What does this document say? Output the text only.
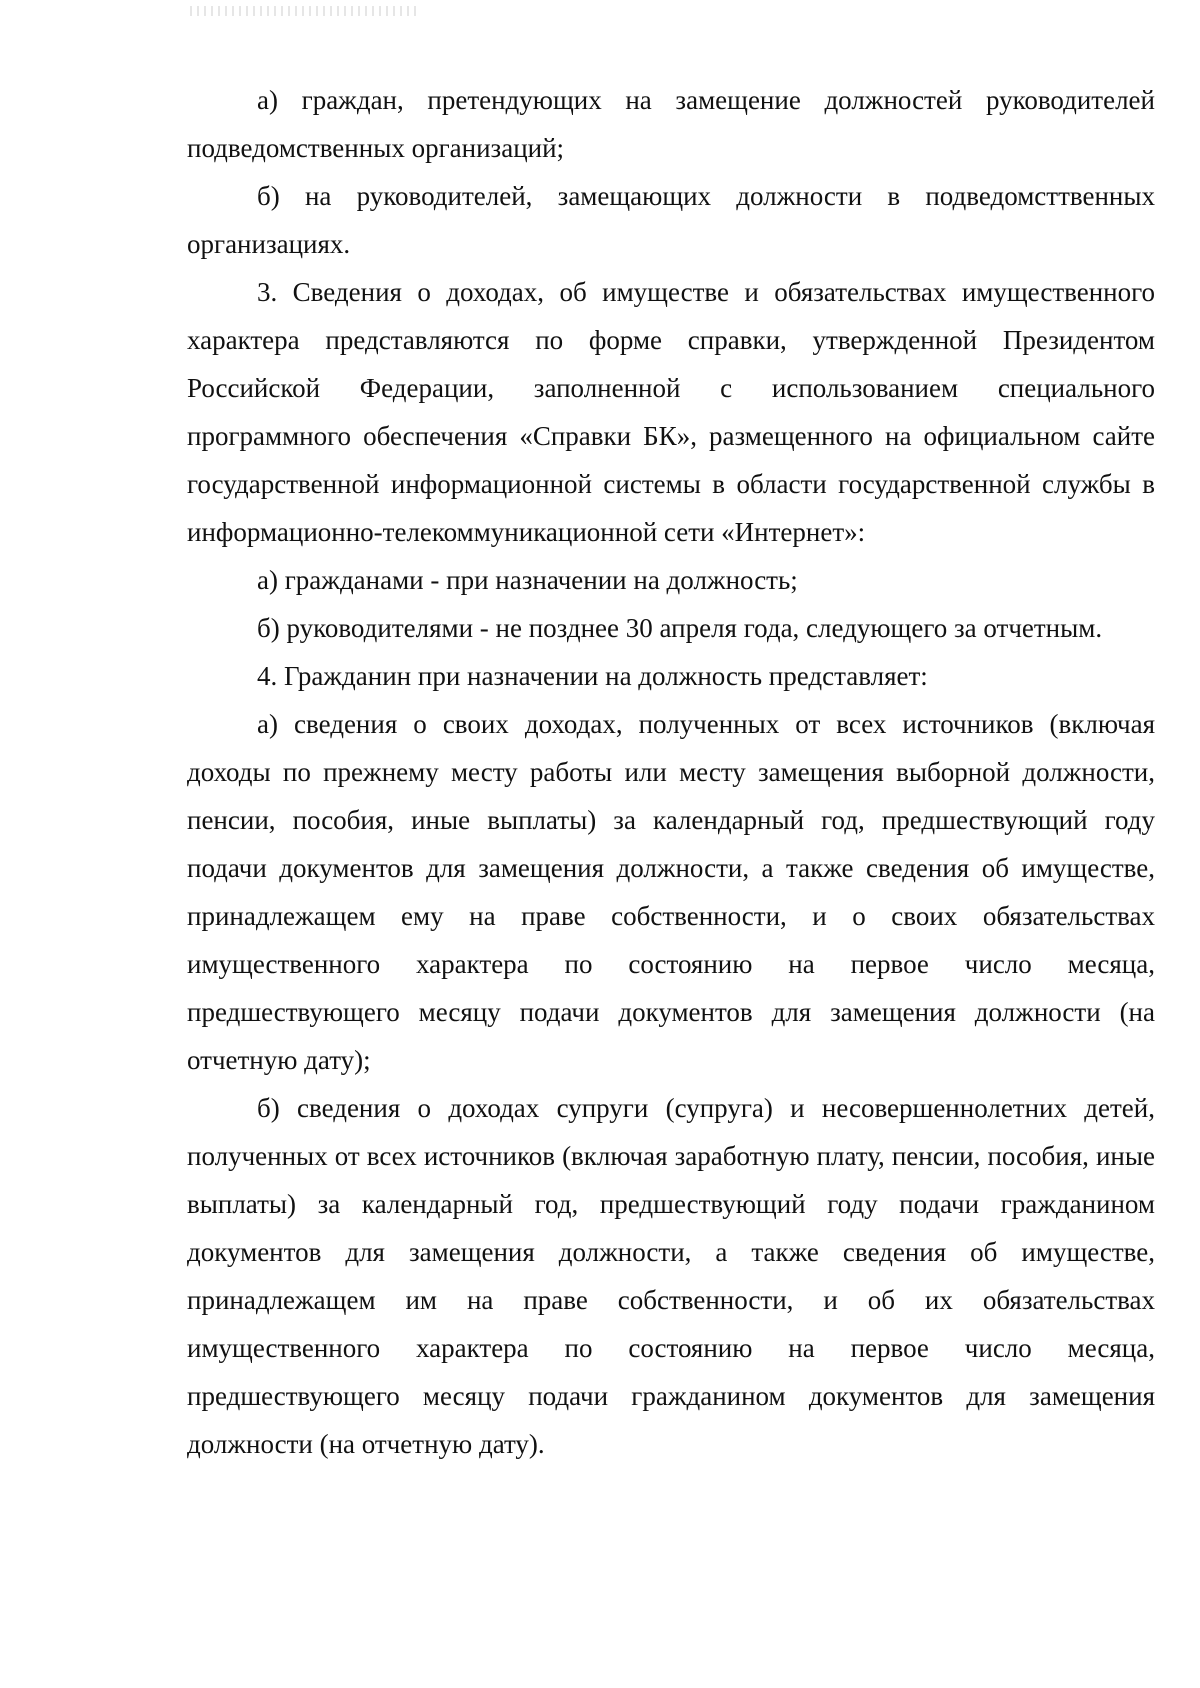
а) граждан, претендующих на замещение должностей руководителей подведомственных организаций;

б) на руководителей, замещающих должности в подведомсттвенных организациях.

3. Сведения о доходах, об имуществе и обязательствах имущественного характера представляются по форме справки, утвержденной Президентом Российской Федерации, заполненной с использованием специального программного обеспечения «Справки БК», размещенного на официальном сайте государственной информационной системы в области государственной службы в информационно-телекоммуникационной сети «Интернет»:

а) гражданами - при назначении на должность;

б) руководителями - не позднее 30 апреля года, следующего за отчетным.

4. Гражданин при назначении на должность представляет:

а) сведения о своих доходах, полученных от всех источников (включая доходы по прежнему месту работы или месту замещения выборной должности, пенсии, пособия, иные выплаты) за календарный год, предшествующий году подачи документов для замещения должности, а также сведения об имуществе, принадлежащем ему на праве собственности, и о своих обязательствах имущественного характера по состоянию на первое число месяца, предшествующего месяцу подачи документов для замещения должности (на отчетную дату);

б) сведения о доходах супруги (супруга) и несовершеннолетних детей, полученных от всех источников (включая заработную плату, пенсии, пособия, иные выплаты) за календарный год, предшествующий году подачи гражданином документов для замещения должности, а также сведения об имуществе, принадлежащем им на праве собственности, и об их обязательствах имущественного характера по состоянию на первое число месяца, предшествующего месяцу подачи гражданином документов для замещения должности (на отчетную дату).
